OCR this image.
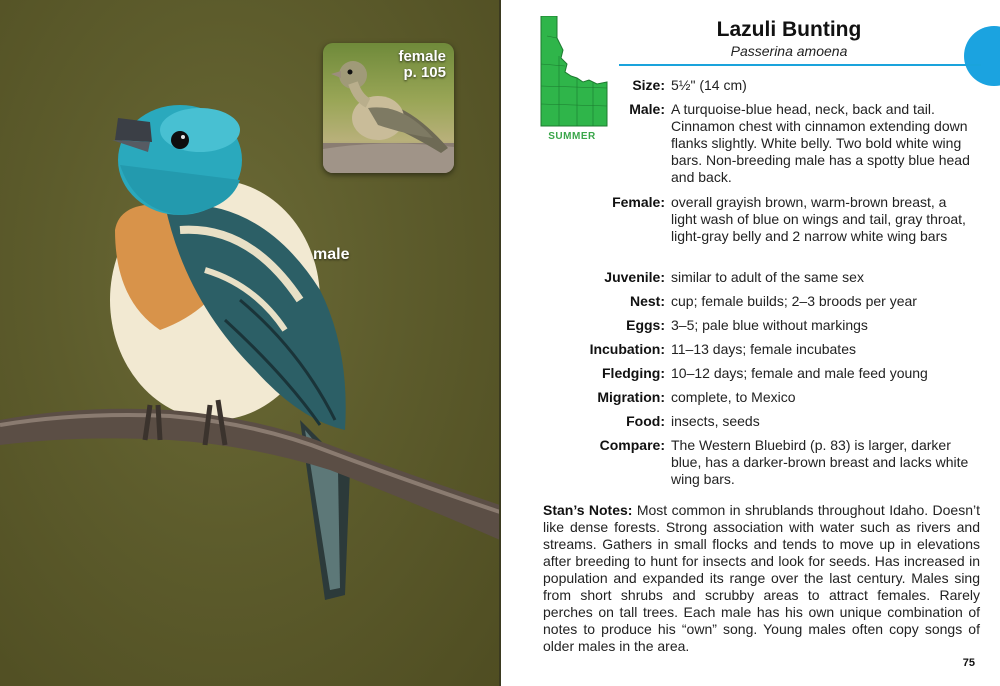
male
female
p. 105
SUMMER
Lazuli Bunting
Passerina amoena
Size: 5½" (14 cm)
Male: A turquoise-blue head, neck, back and tail. Cinnamon chest with cinnamon extending down flanks slightly. White belly. Two bold white wing bars. Non-breeding male has a spotty blue head and back.
Female: overall grayish brown, warm-brown breast, a light wash of blue on wings and tail, gray throat, light-gray belly and 2 narrow white wing bars
Juvenile: similar to adult of the same sex
Nest: cup; female builds; 2–3 broods per year
Eggs: 3–5; pale blue without markings
Incubation: 11–13 days; female incubates
Fledging: 10–12 days; female and male feed young
Migration: complete, to Mexico
Food: insects, seeds
Compare: The Western Bluebird (p. 83) is larger, darker blue, has a darker-brown breast and lacks white wing bars.
Stan’s Notes: Most common in shrublands throughout Idaho. Doesn’t like dense forests. Strong association with water such as rivers and streams. Gathers in small flocks and tends to move up in elevations after breeding to hunt for insects and look for seeds. Has increased in population and expanded its range over the last century. Males sing from short shrubs and scrubby areas to attract females. Rarely perches on tall trees. Each male has his own unique combination of notes to produce his “own” song. Young males often copy songs of older males in the area.
75
